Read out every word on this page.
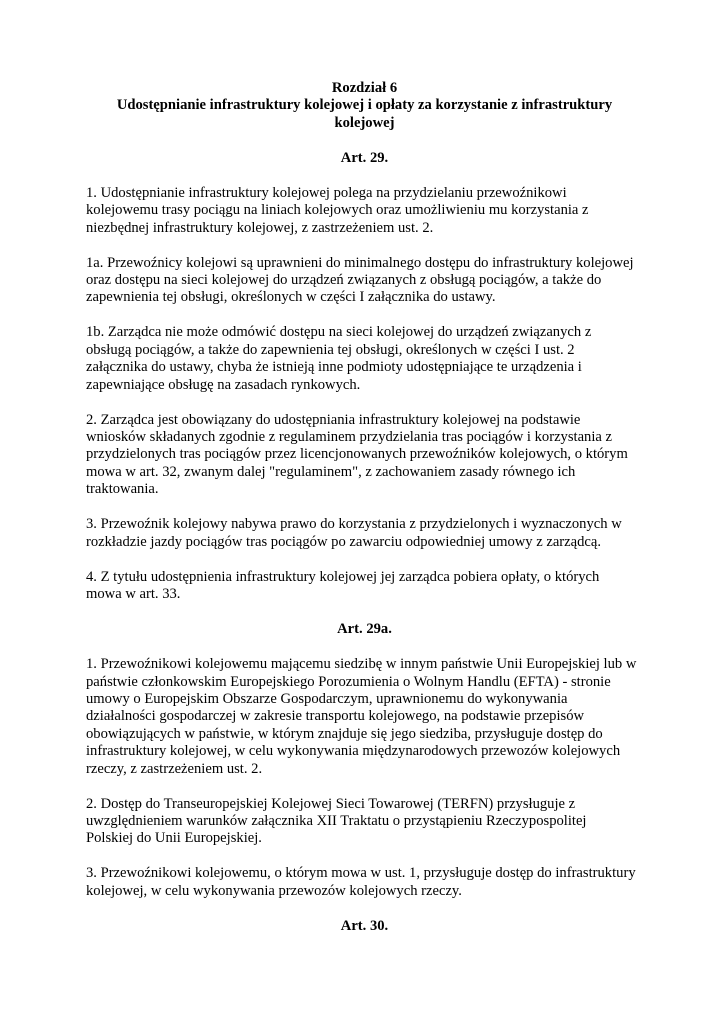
Rozdział 6
Udostępnianie infrastruktury kolejowej i opłaty za korzystanie z infrastruktury
kolejowej
Art. 29.
1. Udostępnianie infrastruktury kolejowej polega na przydzielaniu przewoźnikowi
kolejowemu trasy pociągu na liniach kolejowych oraz umożliwieniu mu korzystania z
niezbędnej infrastruktury kolejowej, z zastrzeżeniem ust. 2.
1a. Przewoźnicy kolejowi są uprawnieni do minimalnego dostępu do infrastruktury kolejowej
oraz dostępu na sieci kolejowej do urządzeń związanych z obsługą pociągów, a także do
zapewnienia tej obsługi, określonych w części I załącznika do ustawy.
1b. Zarządca nie może odmówić dostępu na sieci kolejowej do urządzeń związanych z
obsługą pociągów, a także do zapewnienia tej obsługi, określonych w części I ust. 2
załącznika do ustawy, chyba że istnieją inne podmioty udostępniające te urządzenia i
zapewniające obsługę na zasadach rynkowych.
2. Zarządca jest obowiązany do udostępniania infrastruktury kolejowej na podstawie
wniosków składanych zgodnie z regulaminem przydzielania tras pociągów i korzystania z
przydzielonych tras pociągów przez licencjonowanych przewoźników kolejowych, o którym
mowa w art. 32, zwanym dalej "regulaminem", z zachowaniem zasady równego ich
traktowania.
3. Przewoźnik kolejowy nabywa prawo do korzystania z przydzielonych i wyznaczonych w
rozkładzie jazdy pociągów tras pociągów po zawarciu odpowiedniej umowy z zarządcą.
4. Z tytułu udostępnienia infrastruktury kolejowej jej zarządca pobiera opłaty, o których
mowa w art. 33.
Art. 29a.
1. Przewoźnikowi kolejowemu mającemu siedzibę w innym państwie Unii Europejskiej lub w
państwie członkowskim Europejskiego Porozumienia o Wolnym Handlu (EFTA) - stronie
umowy o Europejskim Obszarze Gospodarczym, uprawnionemu do wykonywania
działalności gospodarczej w zakresie transportu kolejowego, na podstawie przepisów
obowiązujących w państwie, w którym znajduje się jego siedziba, przysługuje dostęp do
infrastruktury kolejowej, w celu wykonywania międzynarodowych przewozów kolejowych
rzeczy, z zastrzeżeniem ust. 2.
2. Dostęp do Transeuropejskiej Kolejowej Sieci Towarowej (TERFN) przysługuje z
uwzględnieniem warunków załącznika XII Traktatu o przystąpieniu Rzeczypospolitej
Polskiej do Unii Europejskiej.
3. Przewoźnikowi kolejowemu, o którym mowa w ust. 1, przysługuje dostęp do infrastruktury
kolejowej, w celu wykonywania przewozów kolejowych rzeczy.
Art. 30.
